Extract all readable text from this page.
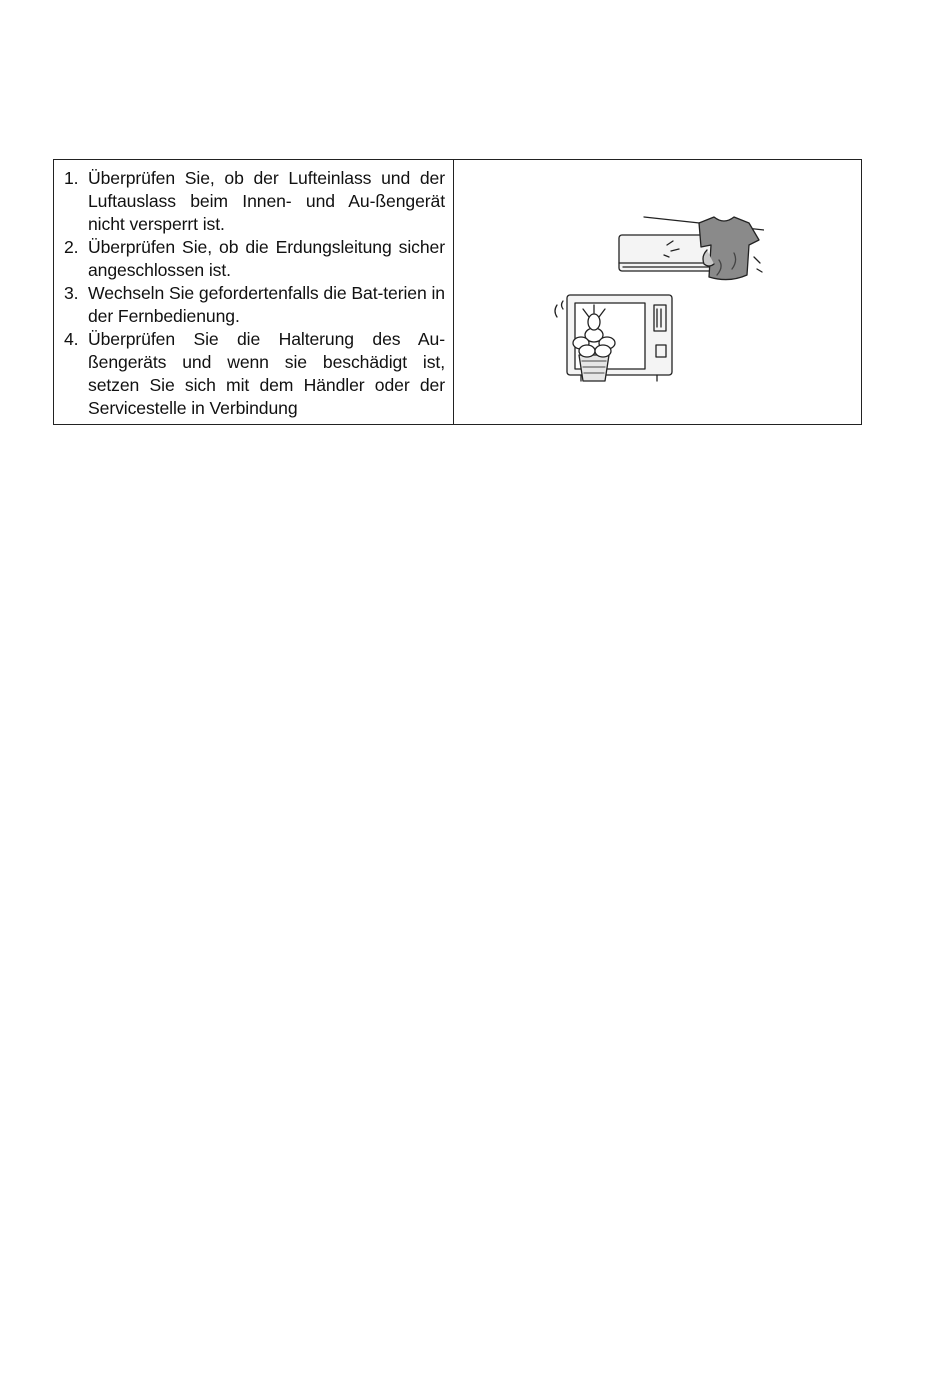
1. Überprüfen Sie, ob der Lufteinlass und der Luftauslass beim Innen- und Au-ßengerät nicht versperrt ist.
2. Überprüfen Sie, ob die Erdungsleitung sicher angeschlossen ist.
3. Wechseln Sie gefordertenfalls die Bat-terien in der Fernbedienung.
4. Überprüfen Sie die Halterung des Au-ßengeräts und wenn sie beschädigt ist, setzen Sie sich mit dem Händler oder der Servicestelle in Verbindung
